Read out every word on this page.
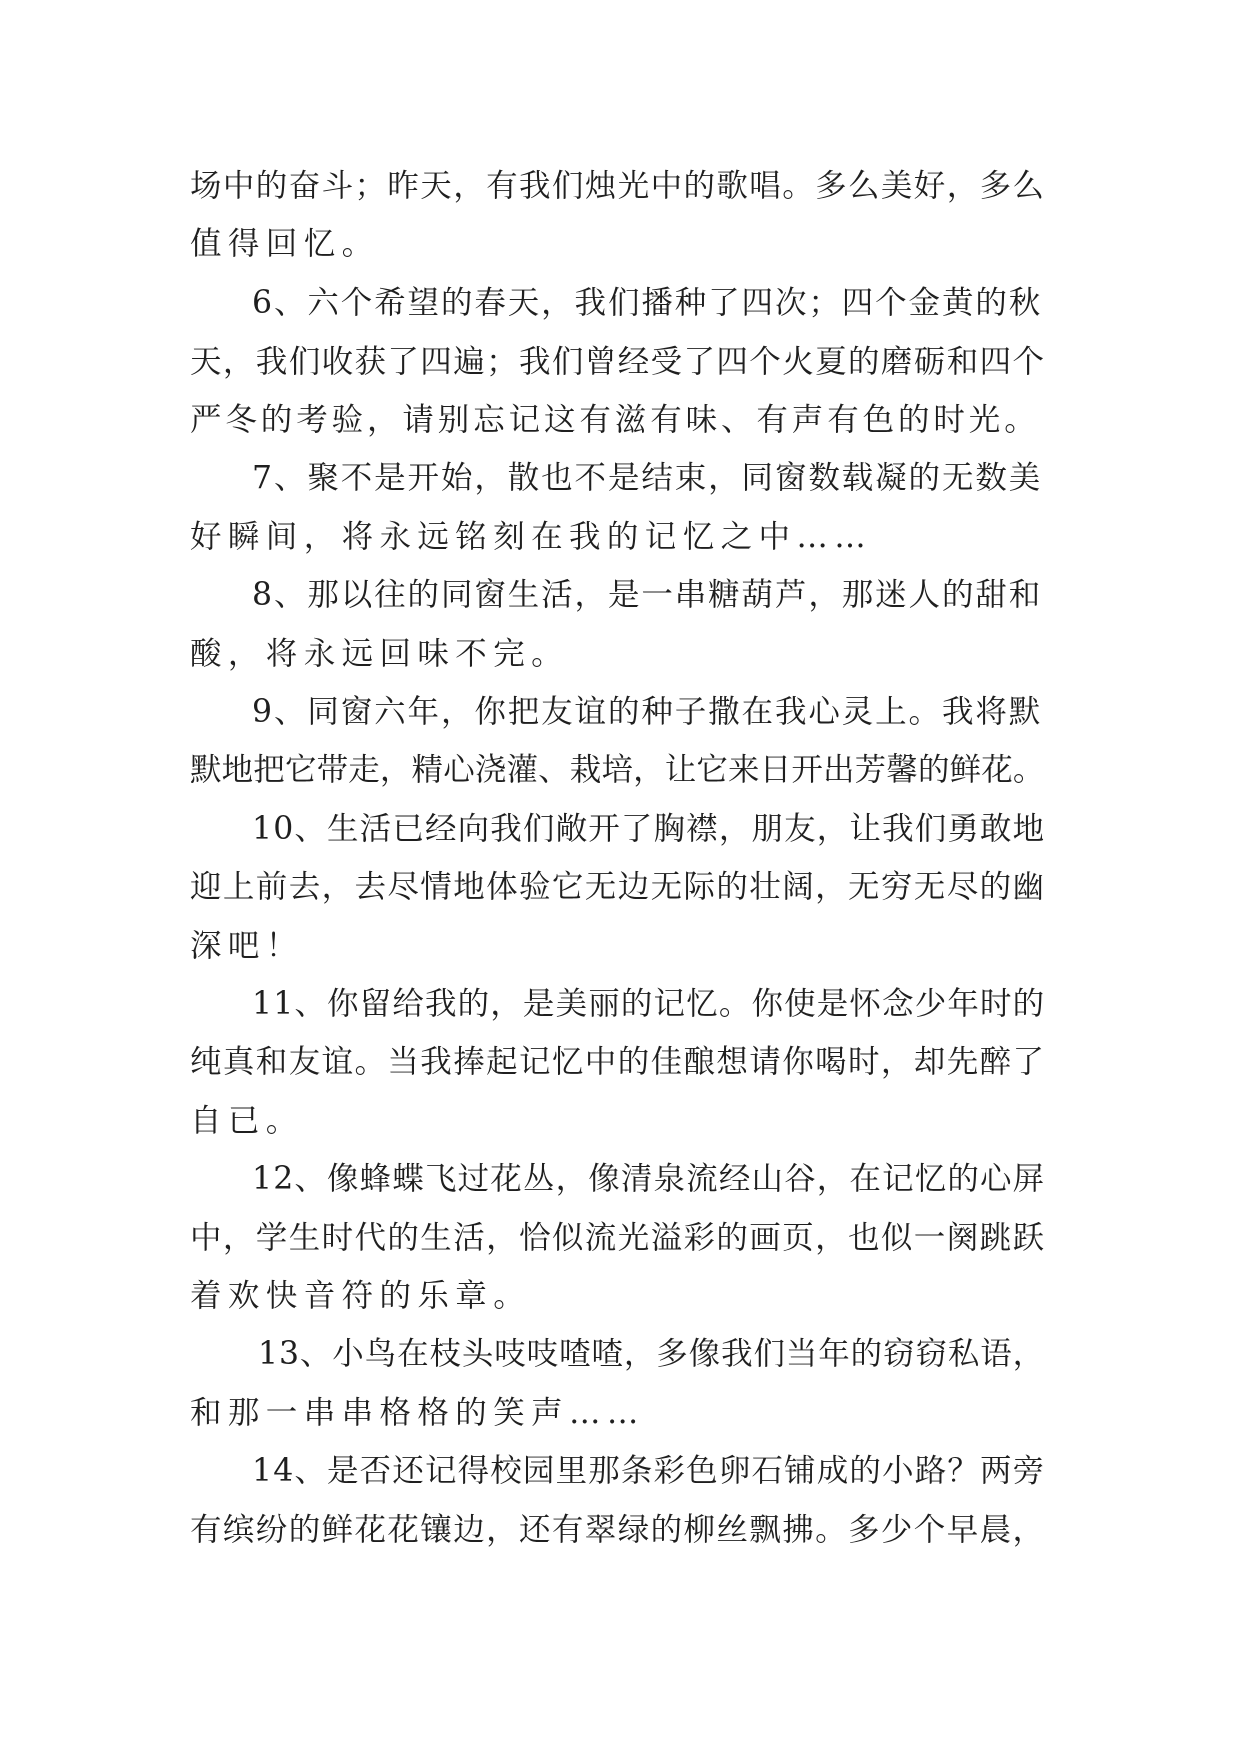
场中的奋斗；昨天，有我们烛光中的歌唱。多么美好，多么
值得回忆。
6、六个希望的春天，我们播种了四次；四个金黄的秋
天，我们收获了四遍；我们曾经受了四个火夏的磨砺和四个
严冬的考验，请别忘记这有滋有味、有声有色的时光。
7、聚不是开始，散也不是结束，同窗数载凝的无数美
好瞬间，将永远铭刻在我的记忆之中……
8、那以往的同窗生活，是一串糖葫芦，那迷人的甜和
酸，将永远回味不完。
9、同窗六年，你把友谊的种子撒在我心灵上。我将默
默地把它带走，精心浇灌、栽培，让它来日开出芳馨的鲜花。
10、生活已经向我们敞开了胸襟，朋友，让我们勇敢地
迎上前去，去尽情地体验它无边无际的壮阔，无穷无尽的幽
深吧！
11、你留给我的，是美丽的记忆。你使是怀念少年时的
纯真和友谊。当我捧起记忆中的佳酿想请你喝时，却先醉了
自已。
12、像蜂蝶飞过花丛，像清泉流经山谷，在记忆的心屏
中，学生时代的生活，恰似流光溢彩的画页，也似一阕跳跃
着欢快音符的乐章。
13、小鸟在枝头吱吱喳喳，多像我们当年的窃窃私语，
和那一串串格格的笑声……
14、是否还记得校园里那条彩色卵石铺成的小路？两旁
有缤纷的鲜花花镶边，还有翠绿的柳丝飘拂。多少个早晨，
